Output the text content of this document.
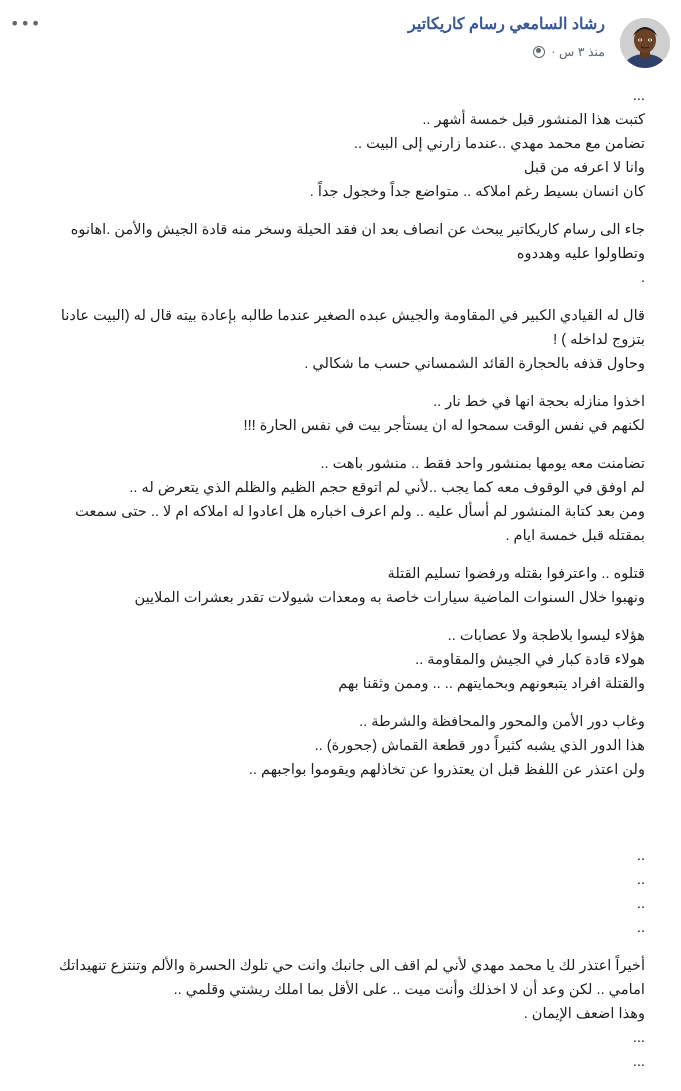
•••	رشاد السامعي رسام كاريكاتير
منذ ٣ س ·

...
كتبت هذا المنشور قبل خمسة أشهر ..
تضامن مع محمد مهدي ..عندما زارني إلى البيت ..
وانا لا اعرفه من قبل
كان انسان بسيط رغم املاكه .. متواضع جداً وخجول جداً .

جاء الى رسام كاريكاتير يبحث عن انصاف بعد ان فقد الحيلة وسخر منه قادة الجيش والأمن .اهانوه
وتطاولوا عليه وهددوه
.

قال له القيادي الكبير في المقاومة والجيش عبده الصغير عندما طالبه بإعادة بيته قال له (البيت عادنا
بتزوج لداخله ) !
وحاول قذفه بالحجارة القائد الشمساني حسب ما شكالي .

اخذوا منازله بحجة انها في خط نار ..
لكنهم في نفس الوقت سمحوا له ان يستأجر بيت في نفس الحارة !!!

تضامنت معه يومها بمنشور واحد فقط .. منشور باهت ..
لم اوفق في الوقوف معه كما يجب ..لأني لم اتوقع حجم الظيم والظلم الذي يتعرض له ..
ومن بعد كتابة المنشور لم أسأل عليه .. ولم اعرف اخباره هل اعادوا له املاكه ام لا .. حتى سمعت
بمقتله قبل خمسة ايام .

قتلوه .. واعترفوا بقتله ورفضوا تسليم القتلة
ونهبوا خلال السنوات الماضية سيارات خاصة به ومعدات شيولات تقدر بعشرات الملايين

هؤلاء ليسوا بلاطجة ولا عصابات ..
هولاء قادة كبار في الجيش والمقاومة ..
والقتلة افراد يتبعونهم وبحمايتهم .. .. وممن وثقنا بهم

وغاب دور الأمن والمحور والمحافظة والشرطة ..
هذا الدور الذي يشبه كثيراً دور قطعة القماش (جحورة) ..
ولن اعتذر عن اللفظ قبل ان يعتذروا عن تخاذلهم ويقوموا بواجبهم ..

..
..
..
..

أخيراً اعتذر لك يا محمد مهدي لأني لم اقف الى جانبك وانت حي تلوك الحسرة والألم وتنتزع تنهيداتك
امامي .. لكن وعد أن لا اخذلك وأنت ميت .. على الأقل بما املك ريشتي وقلمي ..
وهذا اضعف الإيمان .
...
...
